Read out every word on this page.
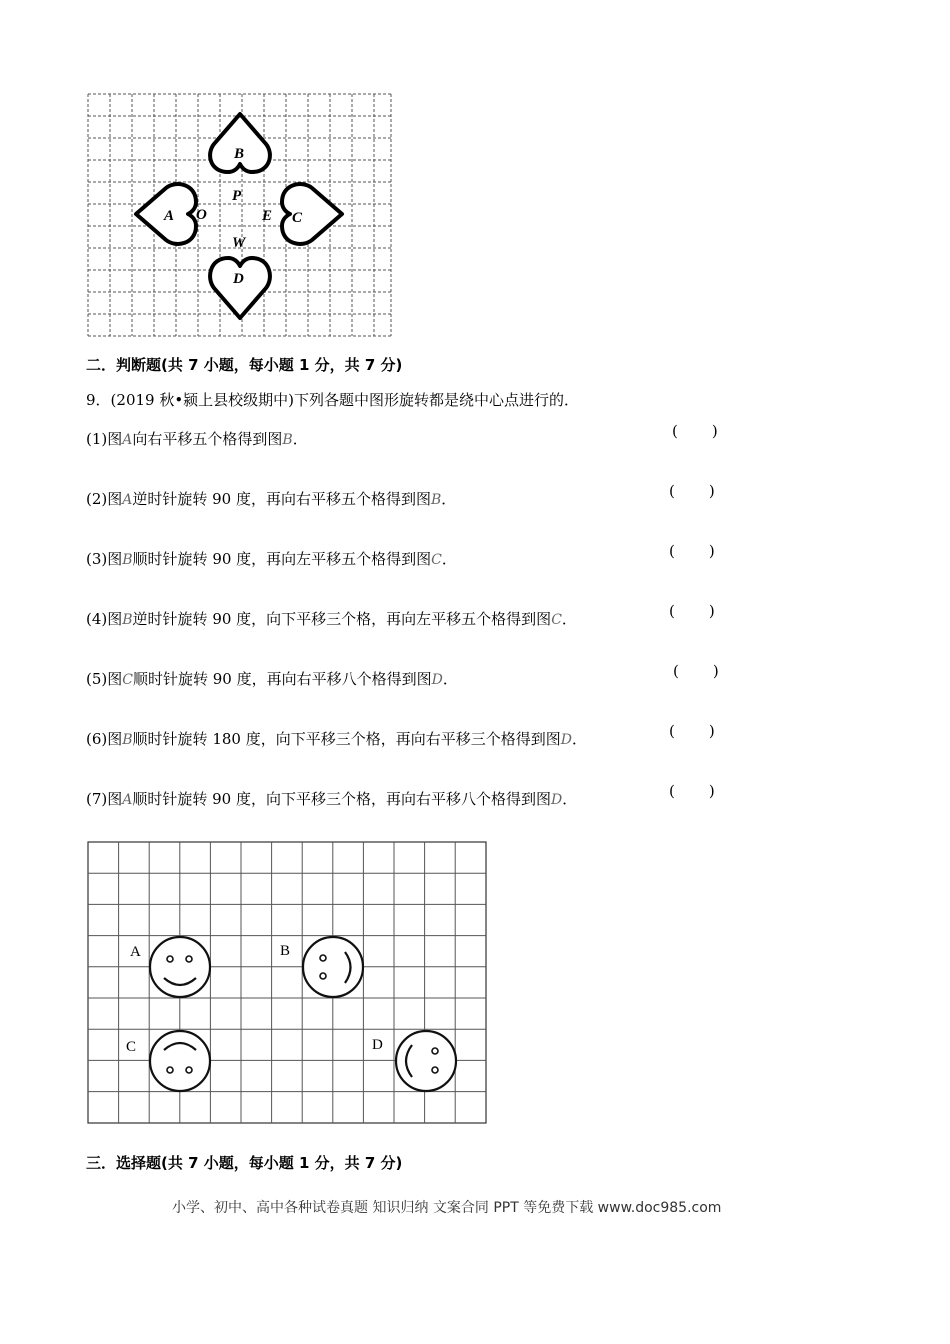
B
D
A O	C
E
P
W
二．判断题(共 7 小题，每小题 1 分，共 7 分)
9．(2019 秋•颍上县校级期中)下列各题中图形旋转都是绕中心点进行的．
(1)图A向右平移五个格得到图B．	( )
(2)图A逆时针旋转 90 度，再向右平移五个格得到图B．	( )
(3)图B顺时针旋转 90 度，再向左平移五个格得到图C．	( )
(4)图B逆时针旋转 90 度，向下平移三个格，再向左平移五个格得到图C．	( )
(5)图C顺时针旋转 90 度，再向右平移八个格得到图D．	( )
(6)图B顺时针旋转 180 度，向下平移三个格，再向右平移三个格得到图D．	( )
(7)图A顺时针旋转 90 度，向下平移三个格，再向右平移八个格得到图D．	( )
A	B
C	D
三．选择题(共 7 小题，每小题 1 分，共 7 分)
小学、初中、高中各种试卷真题 知识归纳 文案合同 PPT 等免费下载 www.doc985.com
